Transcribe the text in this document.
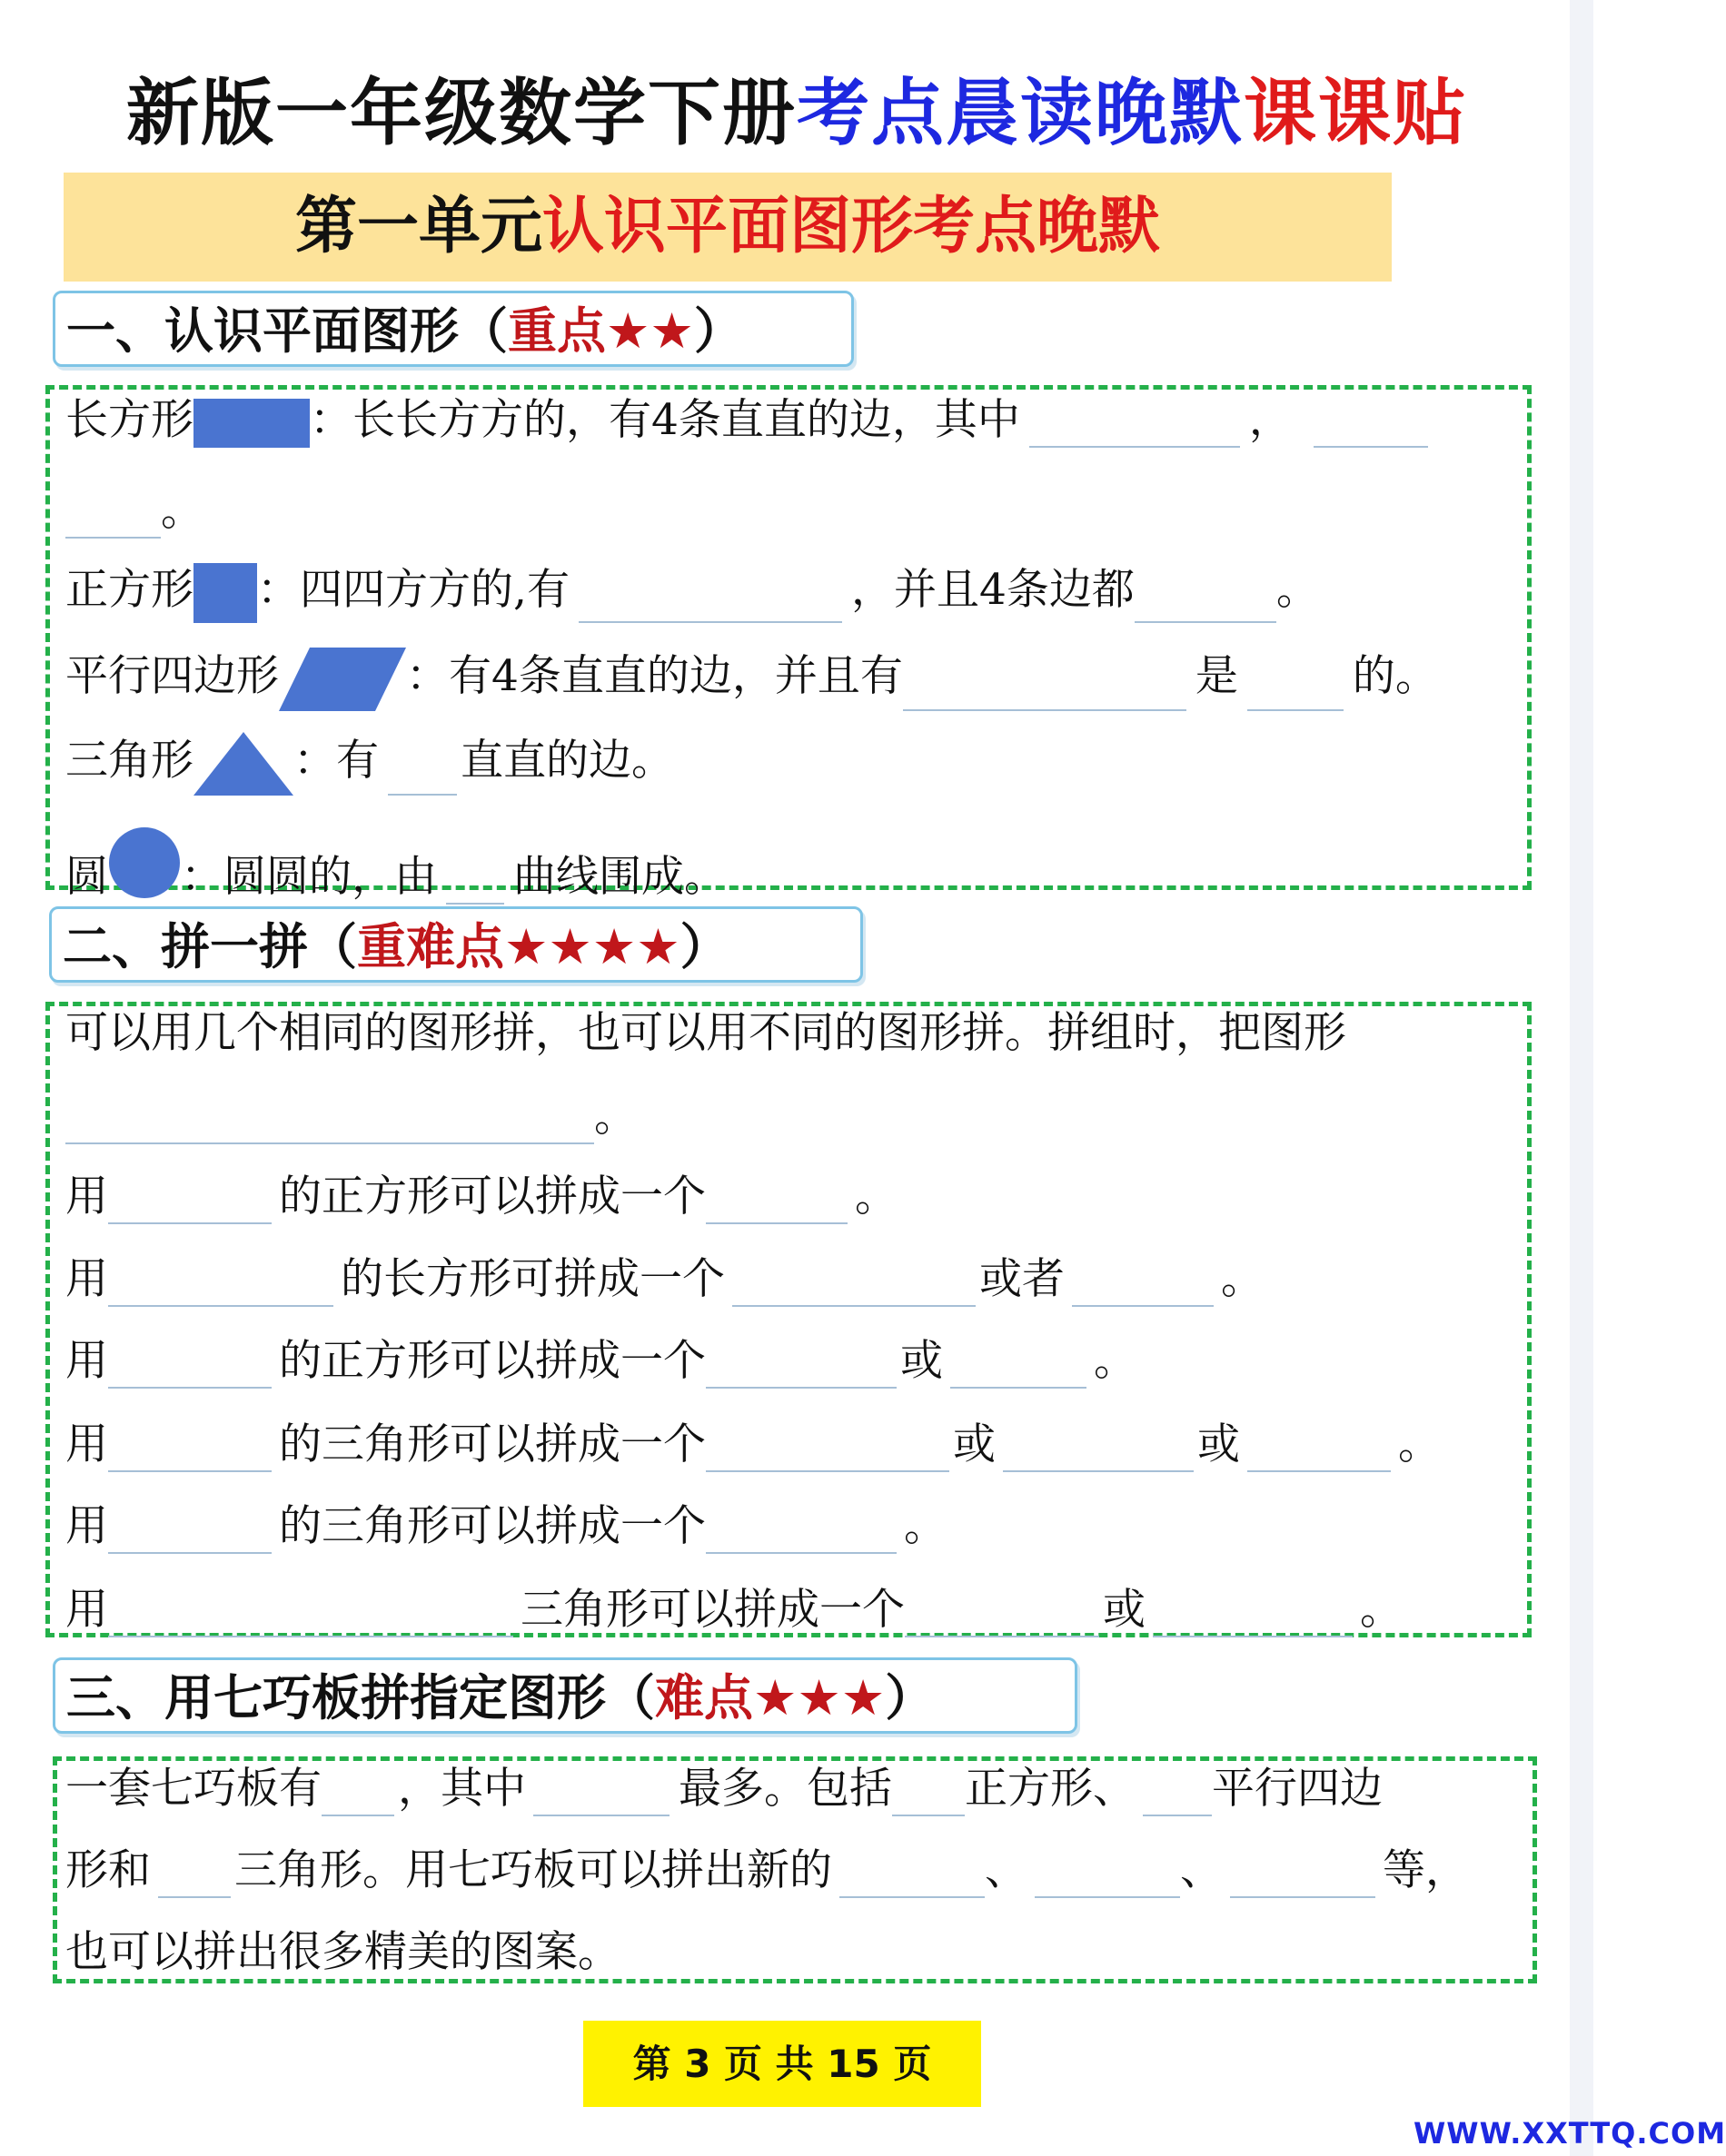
新版一年级数学下册考点晨读晚默课课贴
第一单元认识平面图形考点晚默
一、认识平面图形（重点★★）
长方形	：长长方方的，有4条直直的边，其中	，
。
正方形 ：四四方方的,有	，并且4条边都	。
平行四边形	：有4条直直的边，并且有	是	的。
三角形 ：有 直直的边。
圆 ：圆圆的，由 曲线围成。
二、拼一拼（重难点★★★★）
可以用几个相同的图形拼，也可以用不同的图形拼。拼组时，把图形
。
用	的正方形可以拼成一个	。
用	的长方形可拼成一个	或者	。
用	的正方形可以拼成一个	或	。
用	的三角形可以拼成一个	或	或	。
用	的三角形可以拼成一个	。
用	三角形可以拼成一个	或	。
三、用七巧板拼指定图形（难点★★★）
一套七巧板有 ，其中	最多。包括 正方形、 平行四边
形和 三角形。用七巧板可以拼出新的	、	、	等，
也可以拼出很多精美的图案。
第 3 页 共 15 页
WWW.XXTTQ.COM
